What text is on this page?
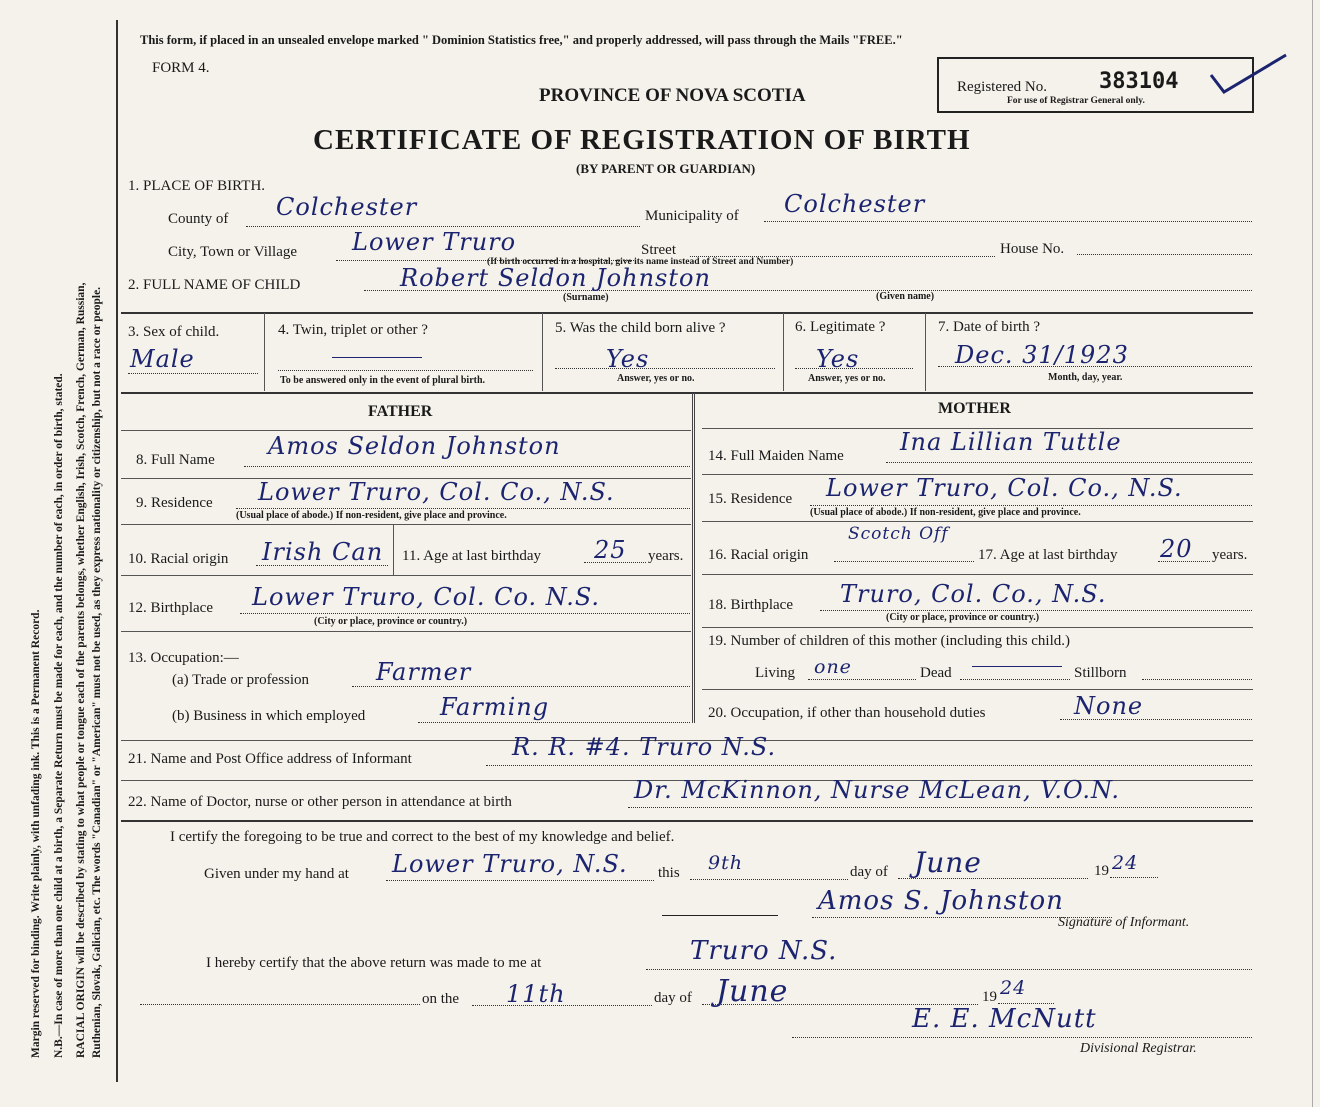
Margin reserved for binding. Write plainly, with unfading ink. This is a Permanent Record. N.B.—In case of more than one child at a birth, a Separate Return must be made for each, and the number of each, in order of birth, stated. RACIAL ORIGIN will be described by stating to what people or tongue each of the parents belongs, whether English, Irish, Scotch, French, German, Russian, Ruthenian, Slovak, Galician, etc. The words "Canadian" or "American" must not be used, as they express nationality or citizenship, but not a race or people.
This form, if placed in an unsealed envelope marked " Dominion Statistics free," and properly addressed, will pass through the Mails "FREE."
FORM 4.
PROVINCE OF NOVA SCOTIA
CERTIFICATE OF REGISTRATION OF BIRTH
(BY PARENT OR GUARDIAN)
Registered No. 383104
For use of Registrar General only.
1. PLACE OF BIRTH.
County of Colchester	Municipality of Colchester
City, Town or Village Lower Truro	Street	House No.
(If birth occurred in a hospital, give its name instead of Street and Number)
2. FULL NAME OF CHILD	Robert Seldon Johnston
(Surname)	(Given name)
3. Sex of child.
Male
4. Twin, triplet or other ?
To be answered only in the event of plural birth.
5. Was the child born alive ?
Yes
Answer, yes or no.
6. Legitimate ?
Yes
Answer, yes or no.
7. Date of birth ?
Dec. 31/1923
Month, day, year.
FATHER	MOTHER
8. Full Name Amos Seldon Johnston
9. Residence Lower Truro, Col. Co., N.S.
(Usual place of abode.) If non-resident, give place and province.
10. Racial origin Irish Can 11. Age at last birthday 25 years.
12. Birthplace Lower Truro, Col. Co. N.S.
(City or place, province or country.)
13. Occupation:—
(a) Trade or profession	Farmer
(b) Business in which employed	Farming
14. Full Maiden Name Ina Lillian Tuttle
15. Residence Lower Truro, Col. Co., N.S.
(Usual place of abode.) If non-resident, give place and province.
16. Racial origin
Scotch Off
17. Age at last birthday 20 years.
18. Birthplace Truro, Col. Co., N.S.
(City or place, province or country.)
19. Number of children of this mother (including this child.)
Living one	Dead	Stillborn
20. Occupation, if other than household duties	None
21. Name and Post Office address of Informant	R. R. #4. Truro N.S.
22. Name of Doctor, nurse or other person in attendance at birth	Dr. McKinnon, Nurse McLean, V.O.N.
I certify the foregoing to be true and correct to the best of my knowledge and belief.
Given under my hand at Lower Truro, N.S. this 9th	day of June	19 24
Amos S. Johnston
Signature of Informant.
I hereby certify that the above return was made to me at	Truro N.S.
on the 11th	day of June	19 24
E. E. McNutt
Divisional Registrar.
